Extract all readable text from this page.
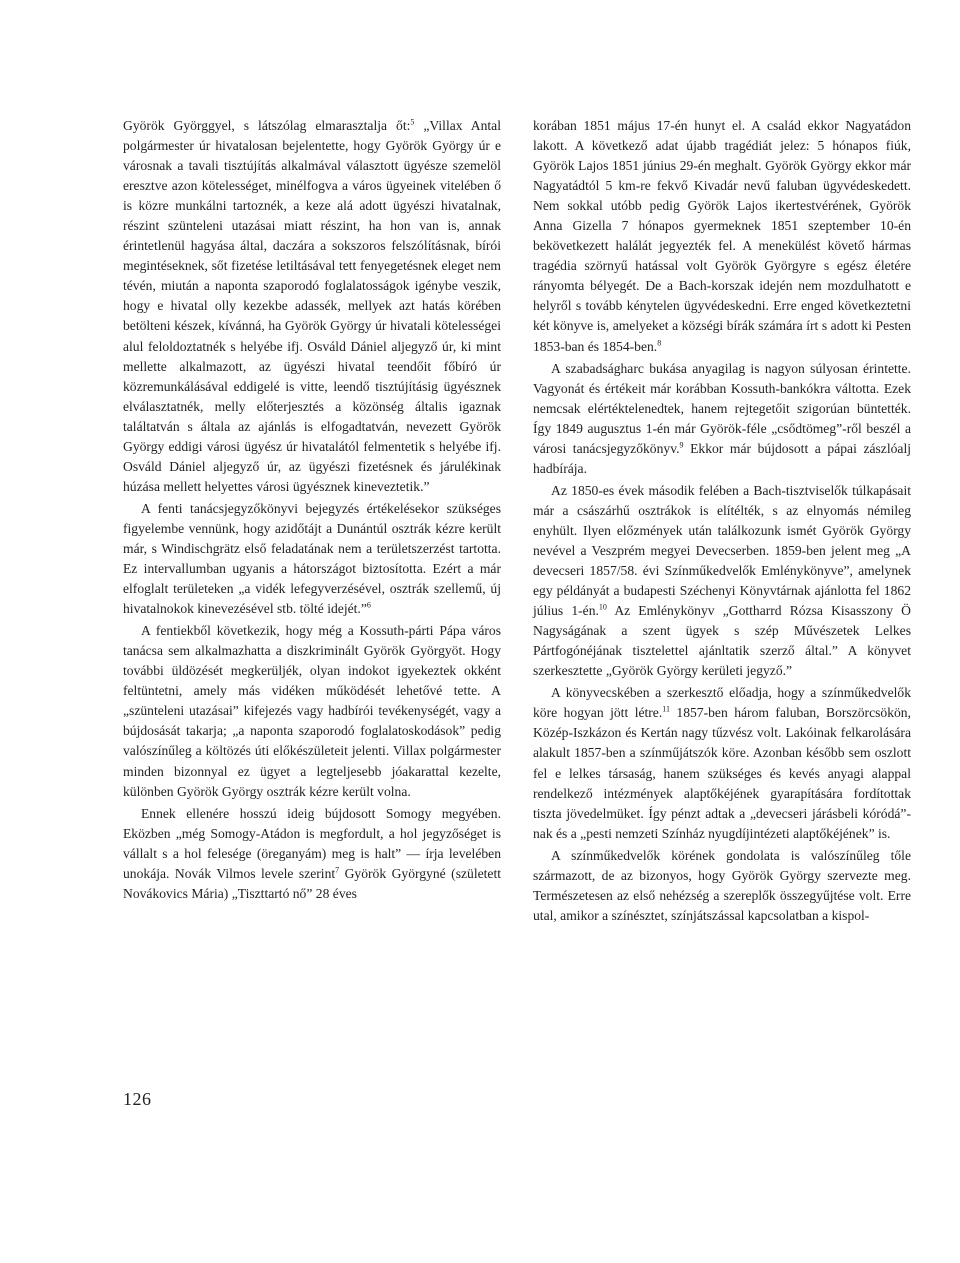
Györök Györggyel, s látszólag elmarasztalja őt:$^5$ „Villax Antal polgármester úr hivatalosan bejelentette, hogy Györök György úr e városnak a tavali tisztújítás alkalmával választott ügyésze szemelöl eresztve azon kötelességet, minélfogva a város ügyeinek vitelében ő is közre munkálni tartoznék, a keze alá adott ügyészi hivatalnak, részint szünteleni utazásai miatt részint, ha hon van is, annak érintetlenül hagyása által, daczára a sokszoros felszólításnak, bírói megintéseknek, sőt fizetése letiltásával tett fenyegetésnek eleget nem tévén, miután a naponta szaporodó foglalatosságok igénybe veszik, hogy e hivatal olly kezekbe adassék, mellyek azt hatás körében betölteni készek, kívánná, ha Györök György úr hivatali kötelességei alul feloldoztatnék s helyébe ifj. Osváld Dániel aljegyző úr, ki mint mellette alkalmazott, az ügyészi hivatal teendőit főbíró úr közremunkálásával eddigelé is vitte, leendő tisztújításig ügyésznek elválasztatnék, melly előterjesztés a közönség általis igaznak találtatván s általa az ajánlás is elfogadtatván, nevezett Györök György eddigi városi ügyész úr hivatalától felmentetik s helyébe ifj. Osváld Dániel aljegyző úr, az ügyészi fizetésnek és járulékinak húzása mellett helyettes városi ügyésznek kineveztetik.”

A fenti tanácsjegyzőkönyvi bejegyzés értékelésekor szükséges figyelembe vennünk, hogy azidőtájt a Dunántúl osztrák kézre került már, s Windischgrätz első feladatának nem a területszerzést tartotta. Ez intervallumban ugyanis a hátországot biztosította. Ezért a már elfoglalt területeken „a vidék lefegyverzésével, osztrák szellemű, új hivatalnokok kinevezésével stb. tölté idejét.”$^6$

A fentiekből következik, hogy még a Kossuth-párti Pápa város tanácsa sem alkalmazhatta a diszkriminált Györök Györgyöt. Hogy további üldözését megkerüljék, olyan indokot igyekeztek okként feltüntetni, amely más vidéken működését lehetővé tette. A „szünteleni utazásai” kifejezés vagy hadbírói tevékenységét, vagy a bújdosását takarja; „a naponta szaporodó foglalatoskodások” pedig valószínűleg a költözés úti előkészületeit jelenti. Villax polgármester minden bizonnyal ez ügyet a legteljesebb jóakarattal kezelte, különben Györök György osztrák kézre került volna.

Ennek ellenére hosszú ideig bújdosott Somogy megyében. Eközben „még Somogy-Atádon is megfordult, a hol jegyzőséget is vállalt s a hol felesége (öreganyám) meg is halt” — írja levelében unokája. Novák Vilmos levele szerint$^7$ Györök Györgyné (született Novákovics Mária) „Tiszttartó nő” 28 éves

korában 1851 május 17-én hunyt el. A család ekkor Nagyatádon lakott. A következő adat újabb tragédiát jelez: 5 hónapos fiúk, Györök Lajos 1851 június 29-én meghalt. Györök György ekkor már Nagyatádtól 5 km-re fekvő Kivadár nevű faluban ügyvédeskedett. Nem sokkal utóbb pedig Györök Lajos ikertestvérének, Györök Anna Gizella 7 hónapos gyermeknek 1851 szeptember 10-én bekövetkezett halálát jegyezték fel. A menekülést követő hármas tragédia szörnyű hatással volt Györök Györgyre s egész életére rányomta bélyegét. De a Bach-korszak idején nem mozdulhatott e helyről s tovább kénytelen ügyvédeskedni. Erre enged következtetni két könyve is, amelyeket a községi bírák számára írt s adott ki Pesten 1853-ban és 1854-ben.$^8$

A szabadságharc bukása anyagilag is nagyon súlyosan érintette. Vagyonát és értékeit már korábban Kossuth-bankókra váltotta. Ezek nemcsak elértéktelenedtek, hanem rejtegetőit szigorúan büntették. Így 1849 augusztus 1-én már Györök-féle „csődtömeg”-ről beszél a városi tanácsjegyzőkönyv.$^9$ Ekkor már bújdosott a pápai zászlóalj hadbírája.

Az 1850-es évek második felében a Bach-tisztviselők túlkapásait már a császárhű osztrákok is elítélték, s az elnyomás némileg enyhült. Ilyen előzmények után találkozunk ismét Györök György nevével a Veszprém megyei Devecserben. 1859-ben jelent meg „A devecseri 1857/58. évi Színműkedvelők Emlénykönyve”, amelynek egy példányát a budapesti Széchenyi Könyvtárnak ajánlotta fel 1862 július 1-én.$^{10}$ Az Emlénykönyv „Gottharrd Rózsa Kisasszony Ö Nagyságának a szent ügyek s szép Művészetek Lelkes Pártfogónéjának tisztelettel ajánltatik szerző által.” A könyvet szerkesztette „Györök György kerületi jegyző.”

A könyvecskében a szerkesztő előadja, hogy a színműkedvelők köre hogyan jött létre.$^{11}$ 1857-ben három faluban, Borszörcsökön, Közép-Iszkázon és Kertán nagy tűzvész volt. Lakóinak felkarolására alakult 1857-ben a színműjátszók köre. Azonban később sem oszlott fel e lelkes társaság, hanem szükséges és kevés anyagi alappal rendelkező intézmények alaptőkéjének gyarapítására fordítottak tiszta jövedelmüket. Így pénzt adtak a „devecseri járásbeli kóródá”-nak és a „pesti nemzeti Színház nyugdíjintézeti alaptőkéjének” is.

A színműkedvelők körének gondolata is valószínűleg tőle származott, de az bizonyos, hogy Györök György szervezte meg. Természetesen az első nehézség a szereplők összegyűjtése volt. Erre utal, amikor a színésztet, színjátszással kapcsolatban a kispol-

126
